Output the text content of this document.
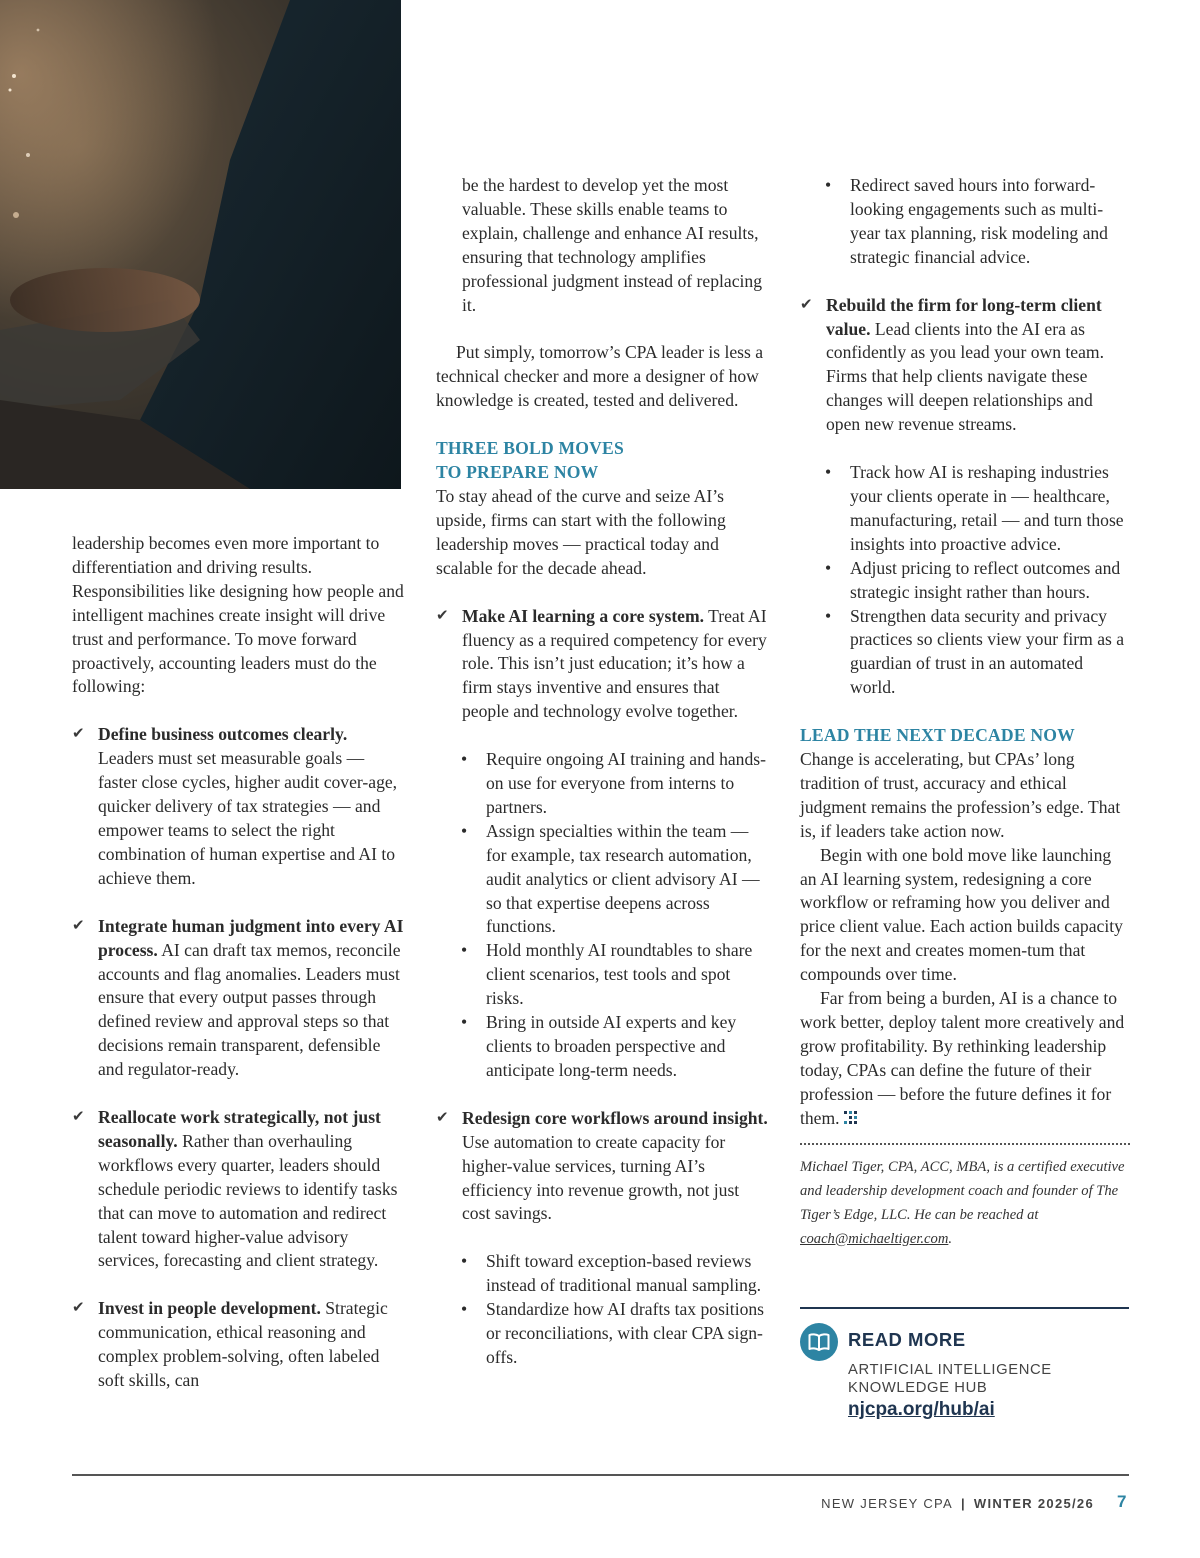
leadership becomes even more important to differentiation and driving results. Responsibilities like designing how people and intelligent machines create insight will drive trust and performance. To move forward proactively, accounting leaders must do the following:

✔ Define business outcomes clearly. Leaders must set measurable goals — faster close cycles, higher audit cover-age, quicker delivery of tax strategies — and empower teams to select the right combination of human expertise and AI to achieve them.
✔ Integrate human judgment into every AI process. AI can draft tax memos, reconcile accounts and flag anomalies. Leaders must ensure that every output passes through defined review and approval steps so that decisions remain transparent, defensible and regulator-ready.
✔ Reallocate work strategically, not just seasonally. Rather than overhauling workflows every quarter, leaders should schedule periodic reviews to identify tasks that can move to automation and redirect talent toward higher-value advisory services, forecasting and client strategy.
✔ Invest in people development. Strategic communication, ethical reasoning and complex problem-solving, often labeled soft skills, can

be the hardest to develop yet the most valuable. These skills enable teams to explain, challenge and enhance AI results, ensuring that technology amplifies professional judgment instead of replacing it.

Put simply, tomorrow’s CPA leader is less a technical checker and more a designer of how knowledge is created, tested and delivered.

THREE BOLD MOVES
TO PREPARE NOW

To stay ahead of the curve and seize AI’s upside, firms can start with the following leadership moves — practical today and scalable for the decade ahead.

✔ Make AI learning a core system. Treat AI fluency as a required competency for every role. This isn’t just education; it’s how a firm stays inventive and ensures that people and technology evolve together.
• Require ongoing AI training and hands-on use for everyone from interns to partners.
• Assign specialties within the team — for example, tax research automation, audit analytics or client advisory AI — so that expertise deepens across functions.
• Hold monthly AI roundtables to share client scenarios, test tools and spot risks.
• Bring in outside AI experts and key clients to broaden perspective and anticipate long-term needs.
✔ Redesign core workflows around insight. Use automation to create capacity for higher-value services, turning AI’s efficiency into revenue growth, not just cost savings.
• Shift toward exception-based reviews instead of traditional manual sampling.
• Standardize how AI drafts tax positions or reconciliations, with clear CPA sign-offs.
• Redirect saved hours into forward-looking engagements such as multi-year tax planning, risk modeling and strategic financial advice.
✔ Rebuild the firm for long-term client value. Lead clients into the AI era as confidently as you lead your own team. Firms that help clients navigate these changes will deepen relationships and open new revenue streams.
• Track how AI is reshaping industries your clients operate in — healthcare, manufacturing, retail — and turn those insights into proactive advice.
• Adjust pricing to reflect outcomes and strategic insight rather than hours.
• Strengthen data security and privacy practices so clients view your firm as a guardian of trust in an automated world.
LEAD THE NEXT DECADE NOW

Change is accelerating, but CPAs’ long tradition of trust, accuracy and ethical judgment remains the profession’s edge. That is, if leaders take action now.

Begin with one bold move like launching an AI learning system, redesigning a core workflow or reframing how you deliver and price client value. Each action builds capacity for the next and creates momen-tum that compounds over time.

Far from being a burden, AI is a chance to work better, deploy talent more creatively and grow profitability. By rethinking leadership today, CPAs can define the future of their profession — before the future defines it for them.

Michael Tiger, CPA, ACC, MBA, is a certified executive and leadership development coach and founder of The Tiger’s Edge, LLC. He can be reached at coach@michaeltiger.com.

READ MORE
ARTIFICIAL INTELLIGENCE KNOWLEDGE HUB
njcpa.org/hub/ai
NEW JERSEY CPA | WINTER 2025/26 7
